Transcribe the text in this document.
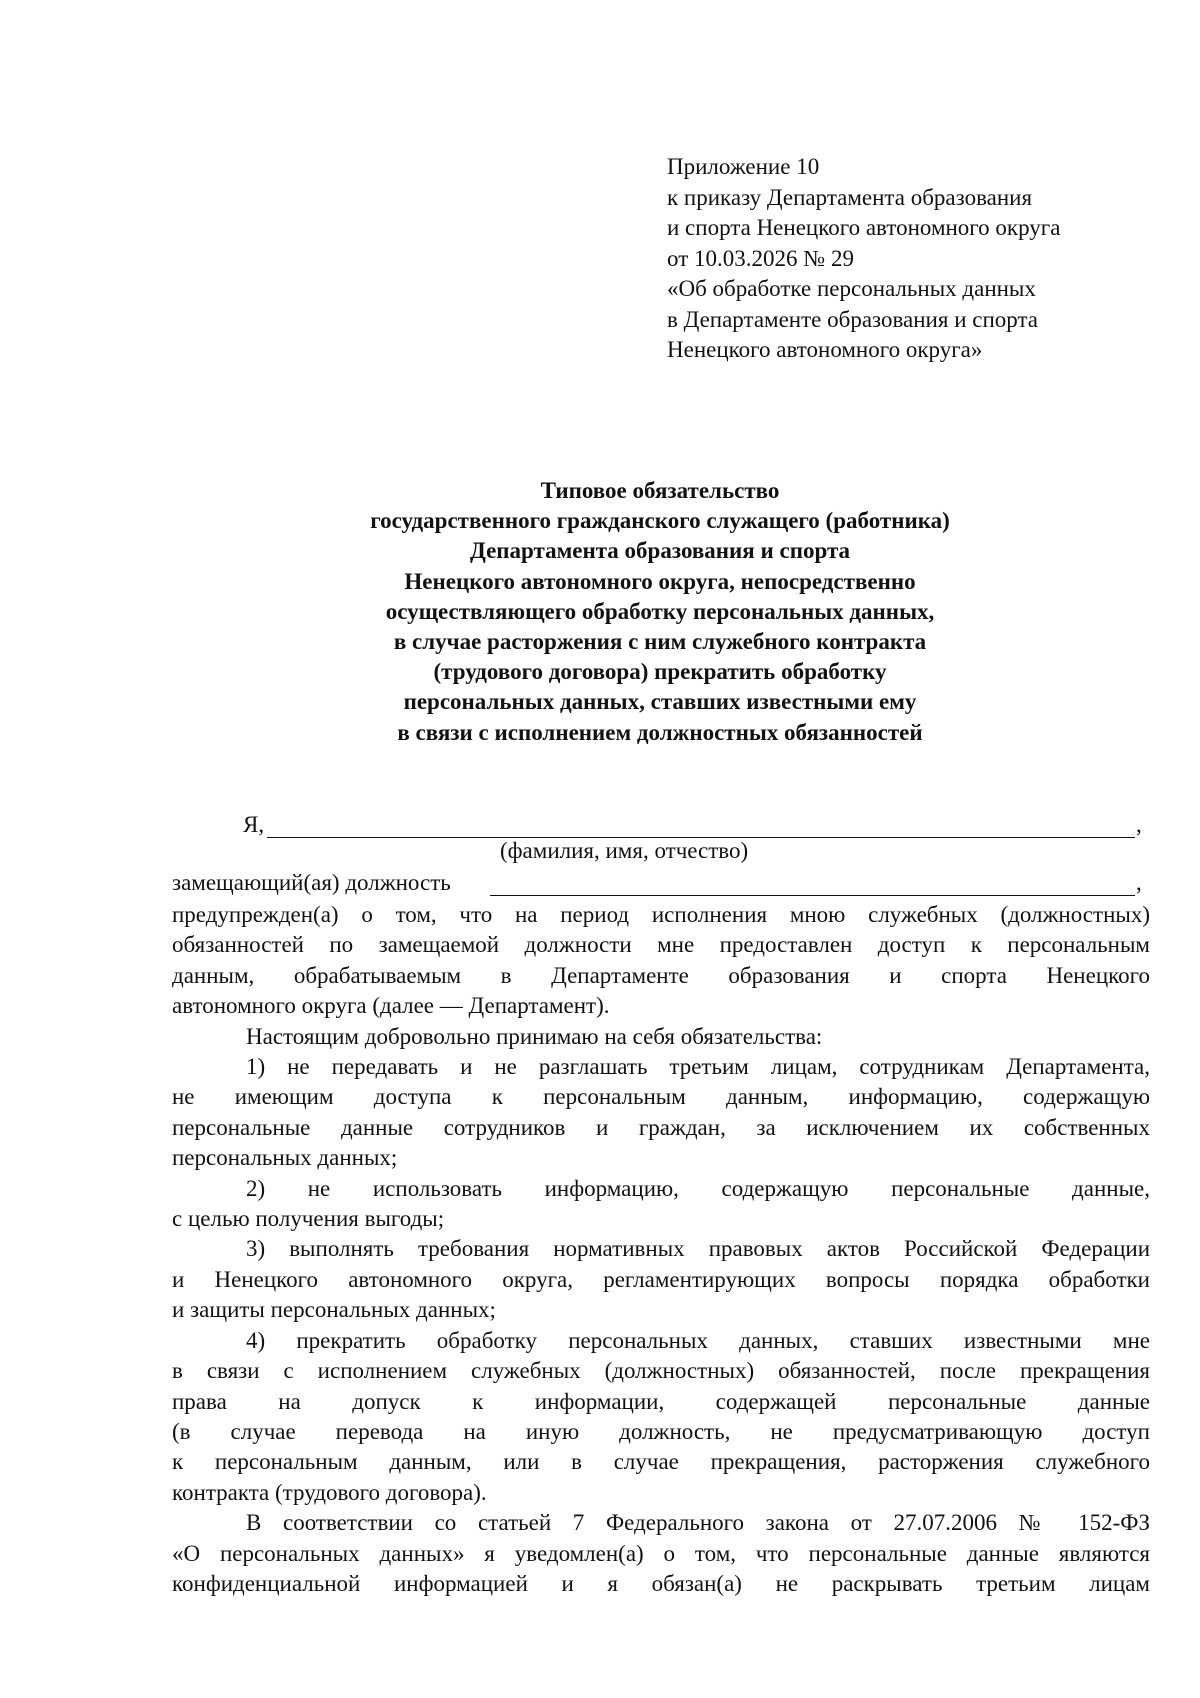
Приложение 10
к приказу Департамента образования
и спорта Ненецкого автономного округа
от 10.03.2026 № 29
«Об обработке персональных данных
в Департаменте образования и спорта
Ненецкого автономного округа»
Типовое обязательство
государственного гражданского служащего (работника)
Департамента образования и спорта
Ненецкого автономного округа, непосредственно
осуществляющего обработку персональных данных,
в случае расторжения с ним служебного контракта
(трудового договора) прекратить обработку
персональных данных, ставших известными ему
в связи с исполнением должностных обязанностей
Я,	,
(фамилия, имя, отчество)
замещающий(ая) должность	,
предупрежден(а) о том, что на период исполнения мною служебных (должностных)
обязанностей по замещаемой должности мне предоставлен доступ к персональным
данным, обрабатываемым в Департаменте образования и спорта Ненецкого
автономного округа (далее — Департамент).
Настоящим добровольно принимаю на себя обязательства:
1) не передавать и не разглашать третьим лицам, сотрудникам Департамента,
не имеющим доступа к персональным данным, информацию, содержащую
персональные данные сотрудников и граждан, за исключением их собственных
персональных данных;
2) не использовать информацию, содержащую персональные данные,
с целью получения выгоды;
3) выполнять требования нормативных правовых актов Российской Федерации
и Ненецкого автономного округа, регламентирующих вопросы порядка обработки
и защиты персональных данных;
4) прекратить обработку персональных данных, ставших известными мне
в связи с исполнением служебных (должностных) обязанностей, после прекращения
права на допуск к информации, содержащей персональные данные
(в случае перевода на иную должность, не предусматривающую доступ
к персональным данным, или в случае прекращения, расторжения служебного
контракта (трудового договора).
В соответствии со статьей 7 Федерального закона от 27.07.2006 № 152-ФЗ
«О персональных данных» я уведомлен(а) о том, что персональные данные являются
конфиденциальной информацией и я обязан(а) не раскрывать третьим лицам
